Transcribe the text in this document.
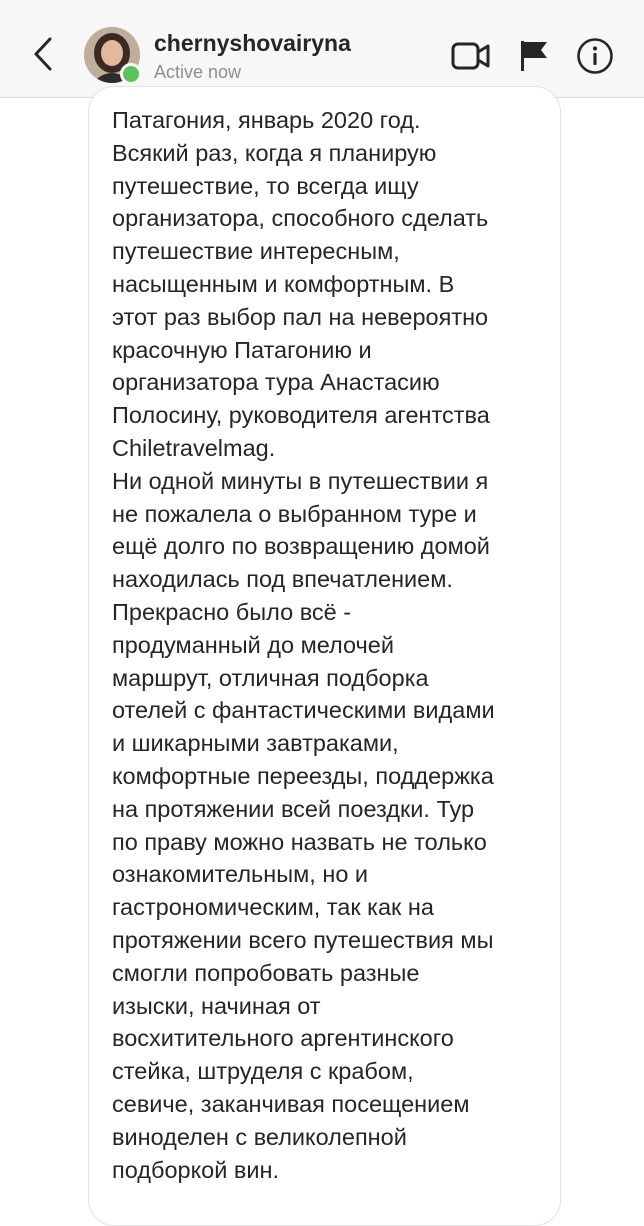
chernyshovairyna
Active now

Патагония, январь 2020 год.

Всякий раз, когда я планирую
путешествие, то всегда ищу
организатора, способного сделать
путешествие интересным,
насыщенным и комфортным. В
этот раз выбор пал на невероятно
красочную Патагонию и
организатора тура Анастасию
Полосину, руководителя агентства
Chiletravelmag.

Ни одной минуты в путешествии я
не пожалела о выбранном туре и
ещё долго по возвращению домой
находилась под впечатлением.
Прекрасно было всё -
продуманный до мелочей
маршрут, отличная подборка
отелей с фантастическими видами
и шикарными завтраками,
комфортные переезды, поддержка
на протяжении всей поездки. Тур
по праву можно назвать не только
ознакомительным, но и
гастрономическим, так как на
протяжении всего путешествия мы
смогли попробовать разные
изыски, начиная от
восхитительного аргентинского
стейка, штруделя с крабом,
севиче, заканчивая посещением
виноделен с великолепной
подборкой вин.
